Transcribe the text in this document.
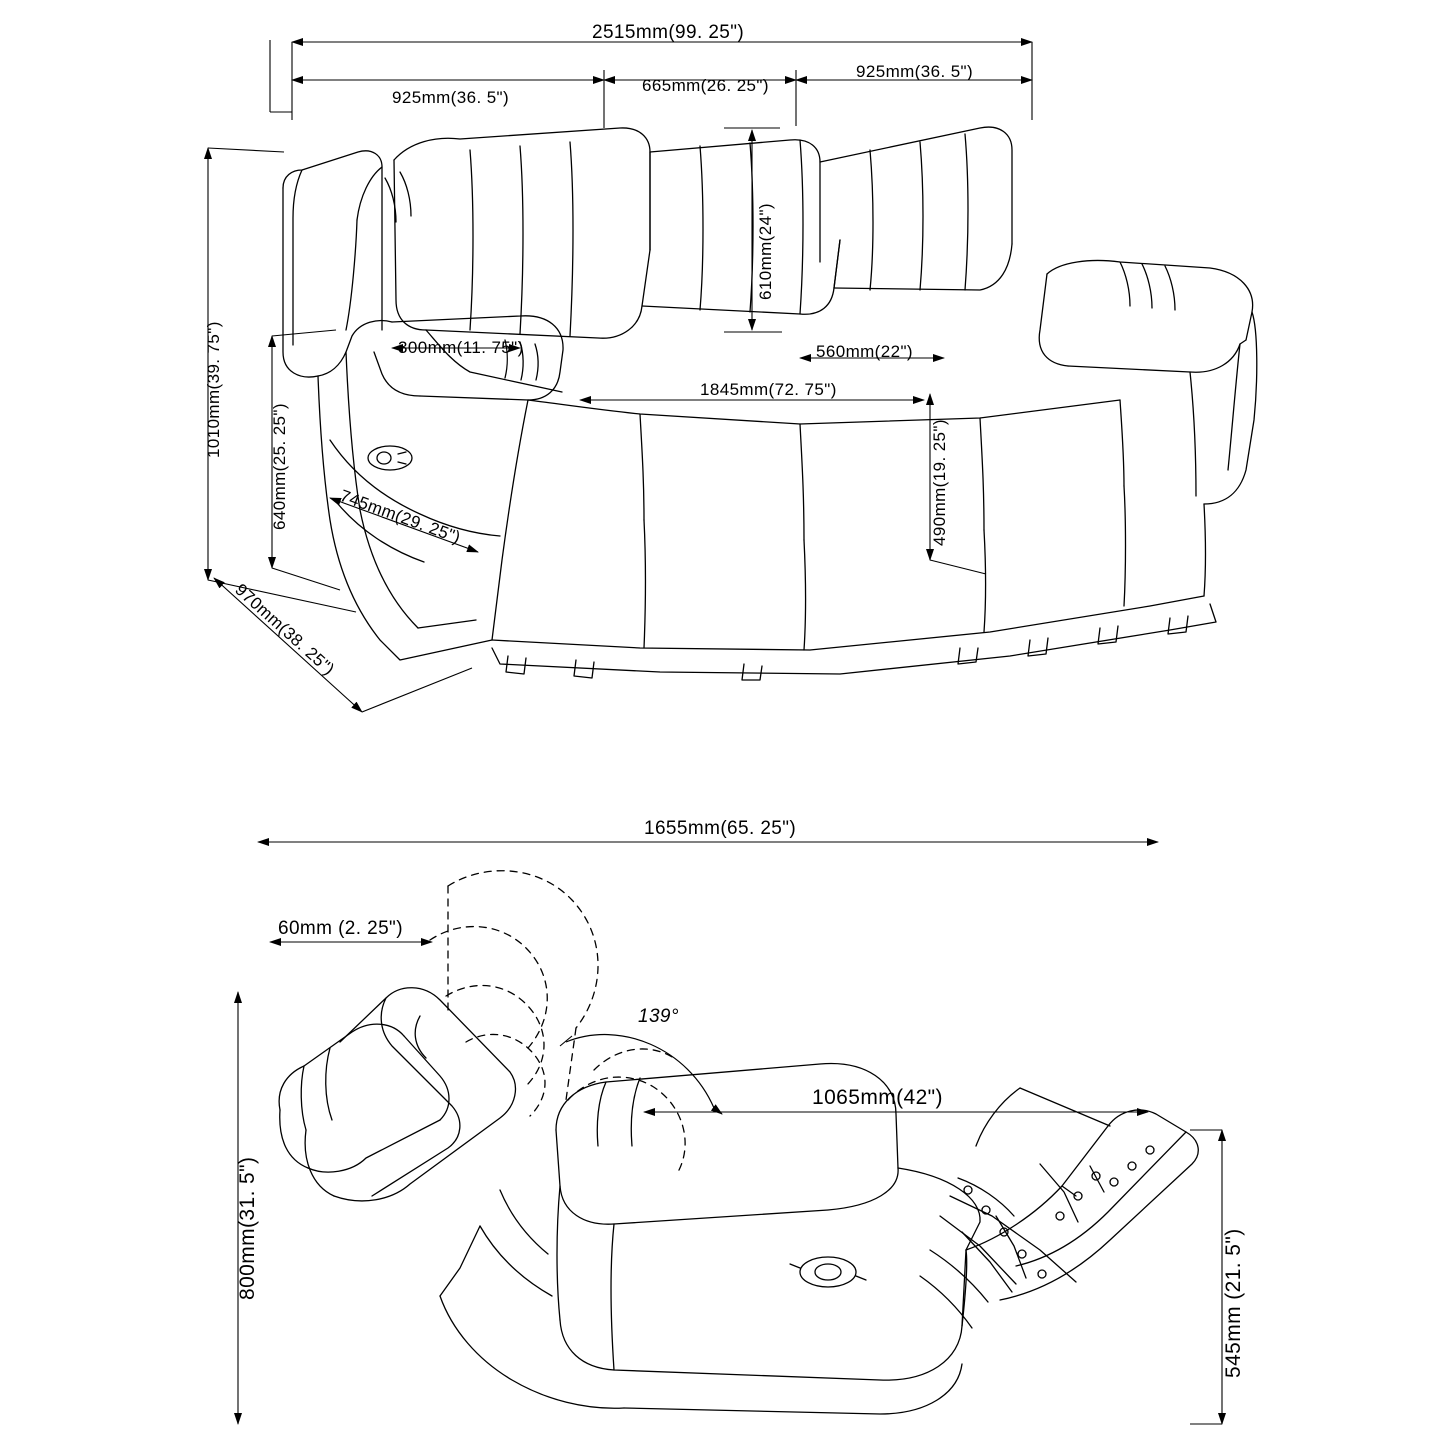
2515mm(99. 25")
925mm(36. 5")
665mm(26. 25")
925mm(36. 5")
610mm(24")
300mm(11. 75")	560mm(22")
1845mm(72. 75")
1010mm(39. 75")
640mm(25. 25")	490mm(19. 25")
745mm(29. 25")
970mm(38. 25")
1655mm(65. 25")
60mm (2. 25")
139°
1065mm(42")
800mm(31. 5")
545mm (21. 5")
